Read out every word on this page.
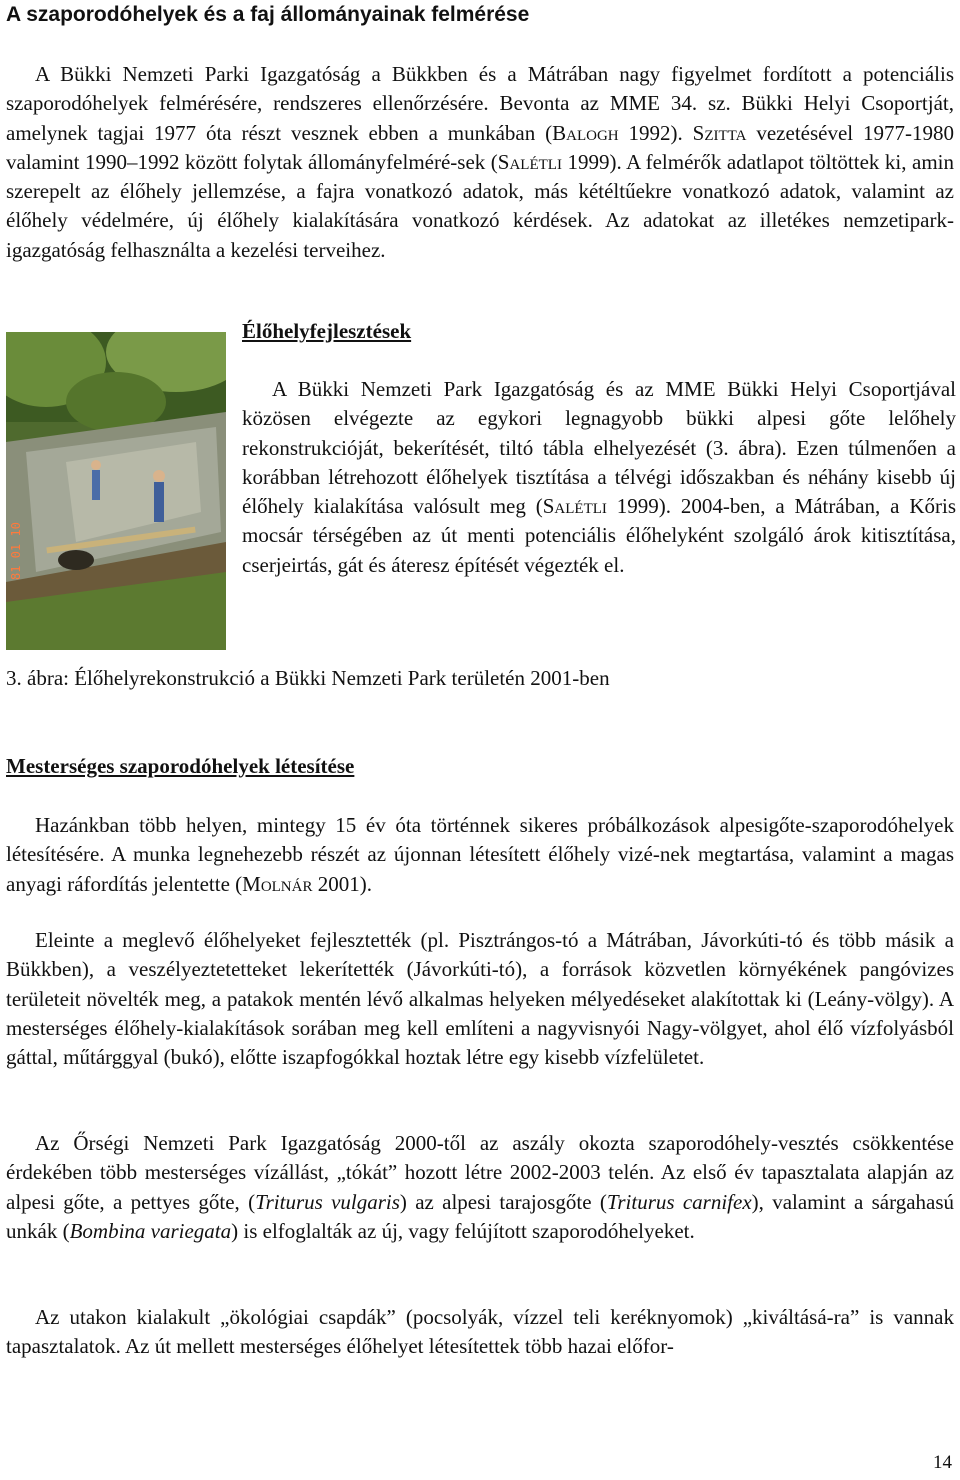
A szaporodóhelyek és a faj állományainak felmérése

A Bükki Nemzeti Parki Igazgatóság a Bükkben és a Mátrában nagy figyelmet fordított a potenciális szaporodóhelyek felmérésére, rendszeres ellenőrzésére. Bevonta az MME 34. sz. Bükki Helyi Csoportját, amelynek tagjai 1977 óta részt vesznek ebben a munkában (Balogh 1992). Szitta vezetésével 1977-1980 valamint 1990–1992 között folytak állományfelméré-sek (Salétli 1999). A felmérők adatlapot töltöttek ki, amin szerepelt az élőhely jellemzése, a fajra vonatkozó adatok, más kétéltűekre vonatkozó adatok, valamint az élőhely védelmére, új élőhely kialakítására vonatkozó kérdések. Az adatokat az illetékes nemzetipark-igazgatóság felhasználta a kezelési terveihez.

Élőhelyfejlesztések

A Bükki Nemzeti Park Igazgatóság és az MME Bükki Helyi Csoportjával közösen elvégezte az egykori legnagyobb bükki alpesi gőte lelőhely rekonstrukcióját, bekerítését, tiltó tábla elhelyezését (3. ábra). Ezen túlmenően a korábban létrehozott élőhelyek tisztítása a télvégi időszakban és néhány kisebb új élőhely kialakítása valósult meg (Salétli 1999). 2004-ben, a Mátrában, a Kőris mocsár térségében az út menti potenciális élőhelyként szolgáló árok kitisztítása, cserjeirtás, gát és áteresz építését végezték el.

3. ábra: Élőhelyrekonstrukció a Bükki Nemzeti Park területén 2001-ben

Mesterséges szaporodóhelyek létesítése

Hazánkban több helyen, mintegy 15 év óta történnek sikeres próbálkozások alpesigőte-szaporodóhelyek létesítésére. A munka legnehezebb részét az újonnan létesített élőhely vizé-nek megtartása, valamint a magas anyagi ráfordítás jelentette (Molnár 2001).

Eleinte a meglevő élőhelyeket fejlesztették (pl. Pisztrángos-tó a Mátrában, Jávorkúti-tó és több másik a Bükkben), a veszélyeztetetteket lekerítették (Jávorkúti-tó), a források közvetlen környékének pangóvizes területeit növelték meg, a patakok mentén lévő alkalmas helyeken mélyedéseket alakítottak ki (Leány-völgy). A mesterséges élőhely-kialakítások sorában meg kell említeni a nagyvisnyói Nagy-völgyet, ahol élő vízfolyásból gáttal, műtárggyal (bukó), előtte iszapfogókkal hoztak létre egy kisebb vízfelületet.

Az Őrségi Nemzeti Park Igazgatóság 2000-től az aszály okozta szaporodóhely-vesztés csökkentése érdekében több mesterséges vízállást, „tókát” hozott létre 2002-2003 telén. Az első év tapasztalata alapján az alpesi gőte, a pettyes gőte, (Triturus vulgaris) az alpesi tarajosgőte (Triturus carnifex), valamint a sárgahasú unkák (Bombina variegata) is elfoglalták az új, vagy felújított szaporodóhelyeket.

Az utakon kialakult „ökológiai csapdák” (pocsolyák, vízzel teli keréknyomok) „kiváltásá-ra” is vannak tapasztalatok. Az út mellett mesterséges élőhelyet létesítettek több hazai előfor-

14
